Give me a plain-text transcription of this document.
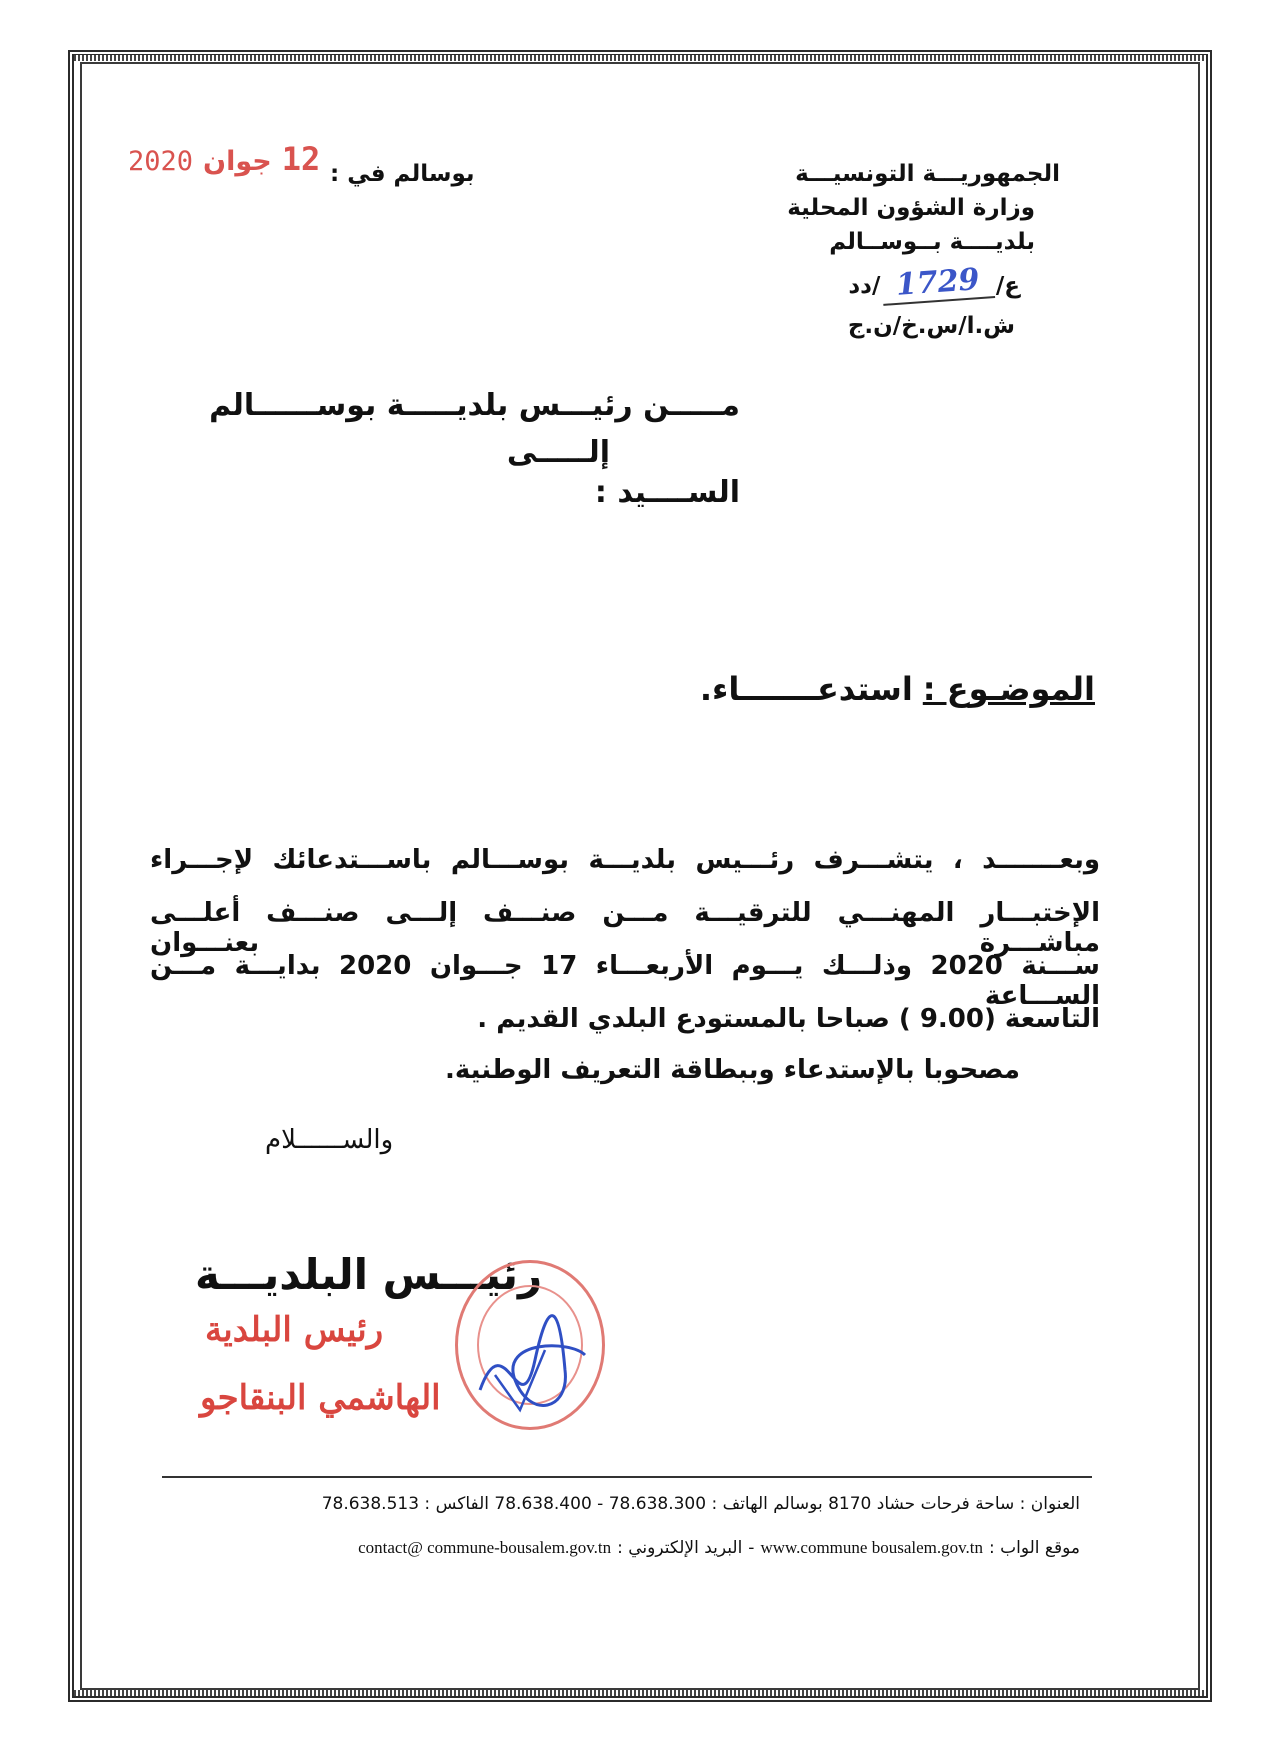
الجمهوريـــة التونسيـــة
وزارة الشؤون المحلية
بلديــــة بــوســالم
ع/
1729
/دد
ش.ا/س.خ/ن.ج
بوسالم في :
2020 جوان 12
مـــــن رئيـــس بلديـــــة بوســــــالم
إلـــــى
الســــيد :
الموضـوع :
استدعـــــــاء.
وبعـــــــد ، يتشـــرف رئـــيس بلديـــة بوســـالم باســـتدعائك لإجـــراء
الإختبـــار المهنـــي للترقيـــة مـــن صنـــف إلـــى صنـــف أعلـــى مباشـــرة بعنـــوان
ســـنة 2020 وذلـــك يـــوم الأربعـــاء 17 جـــوان 2020 بدايـــة مـــن الســـاعة
التاسعة (9.00 ) صباحا بالمستودع البلدي القديم .
مصحوبا بالإستدعاء وببطاقة التعريف الوطنية.
والســــــلام
رئيـــس البلديـــة
رئيس البلدية
الهاشمي البنقاجو
العنوان : ساحة فرحات حشاد 8170 بوسالم الهاتف : 78.638.300 - 78.638.400 الفاكس : 78.638.513
موقع الواب :
www.commune bousalem.gov.tn
-
البريد الإلكتروني :
contact@ commune-bousalem.gov.tn
